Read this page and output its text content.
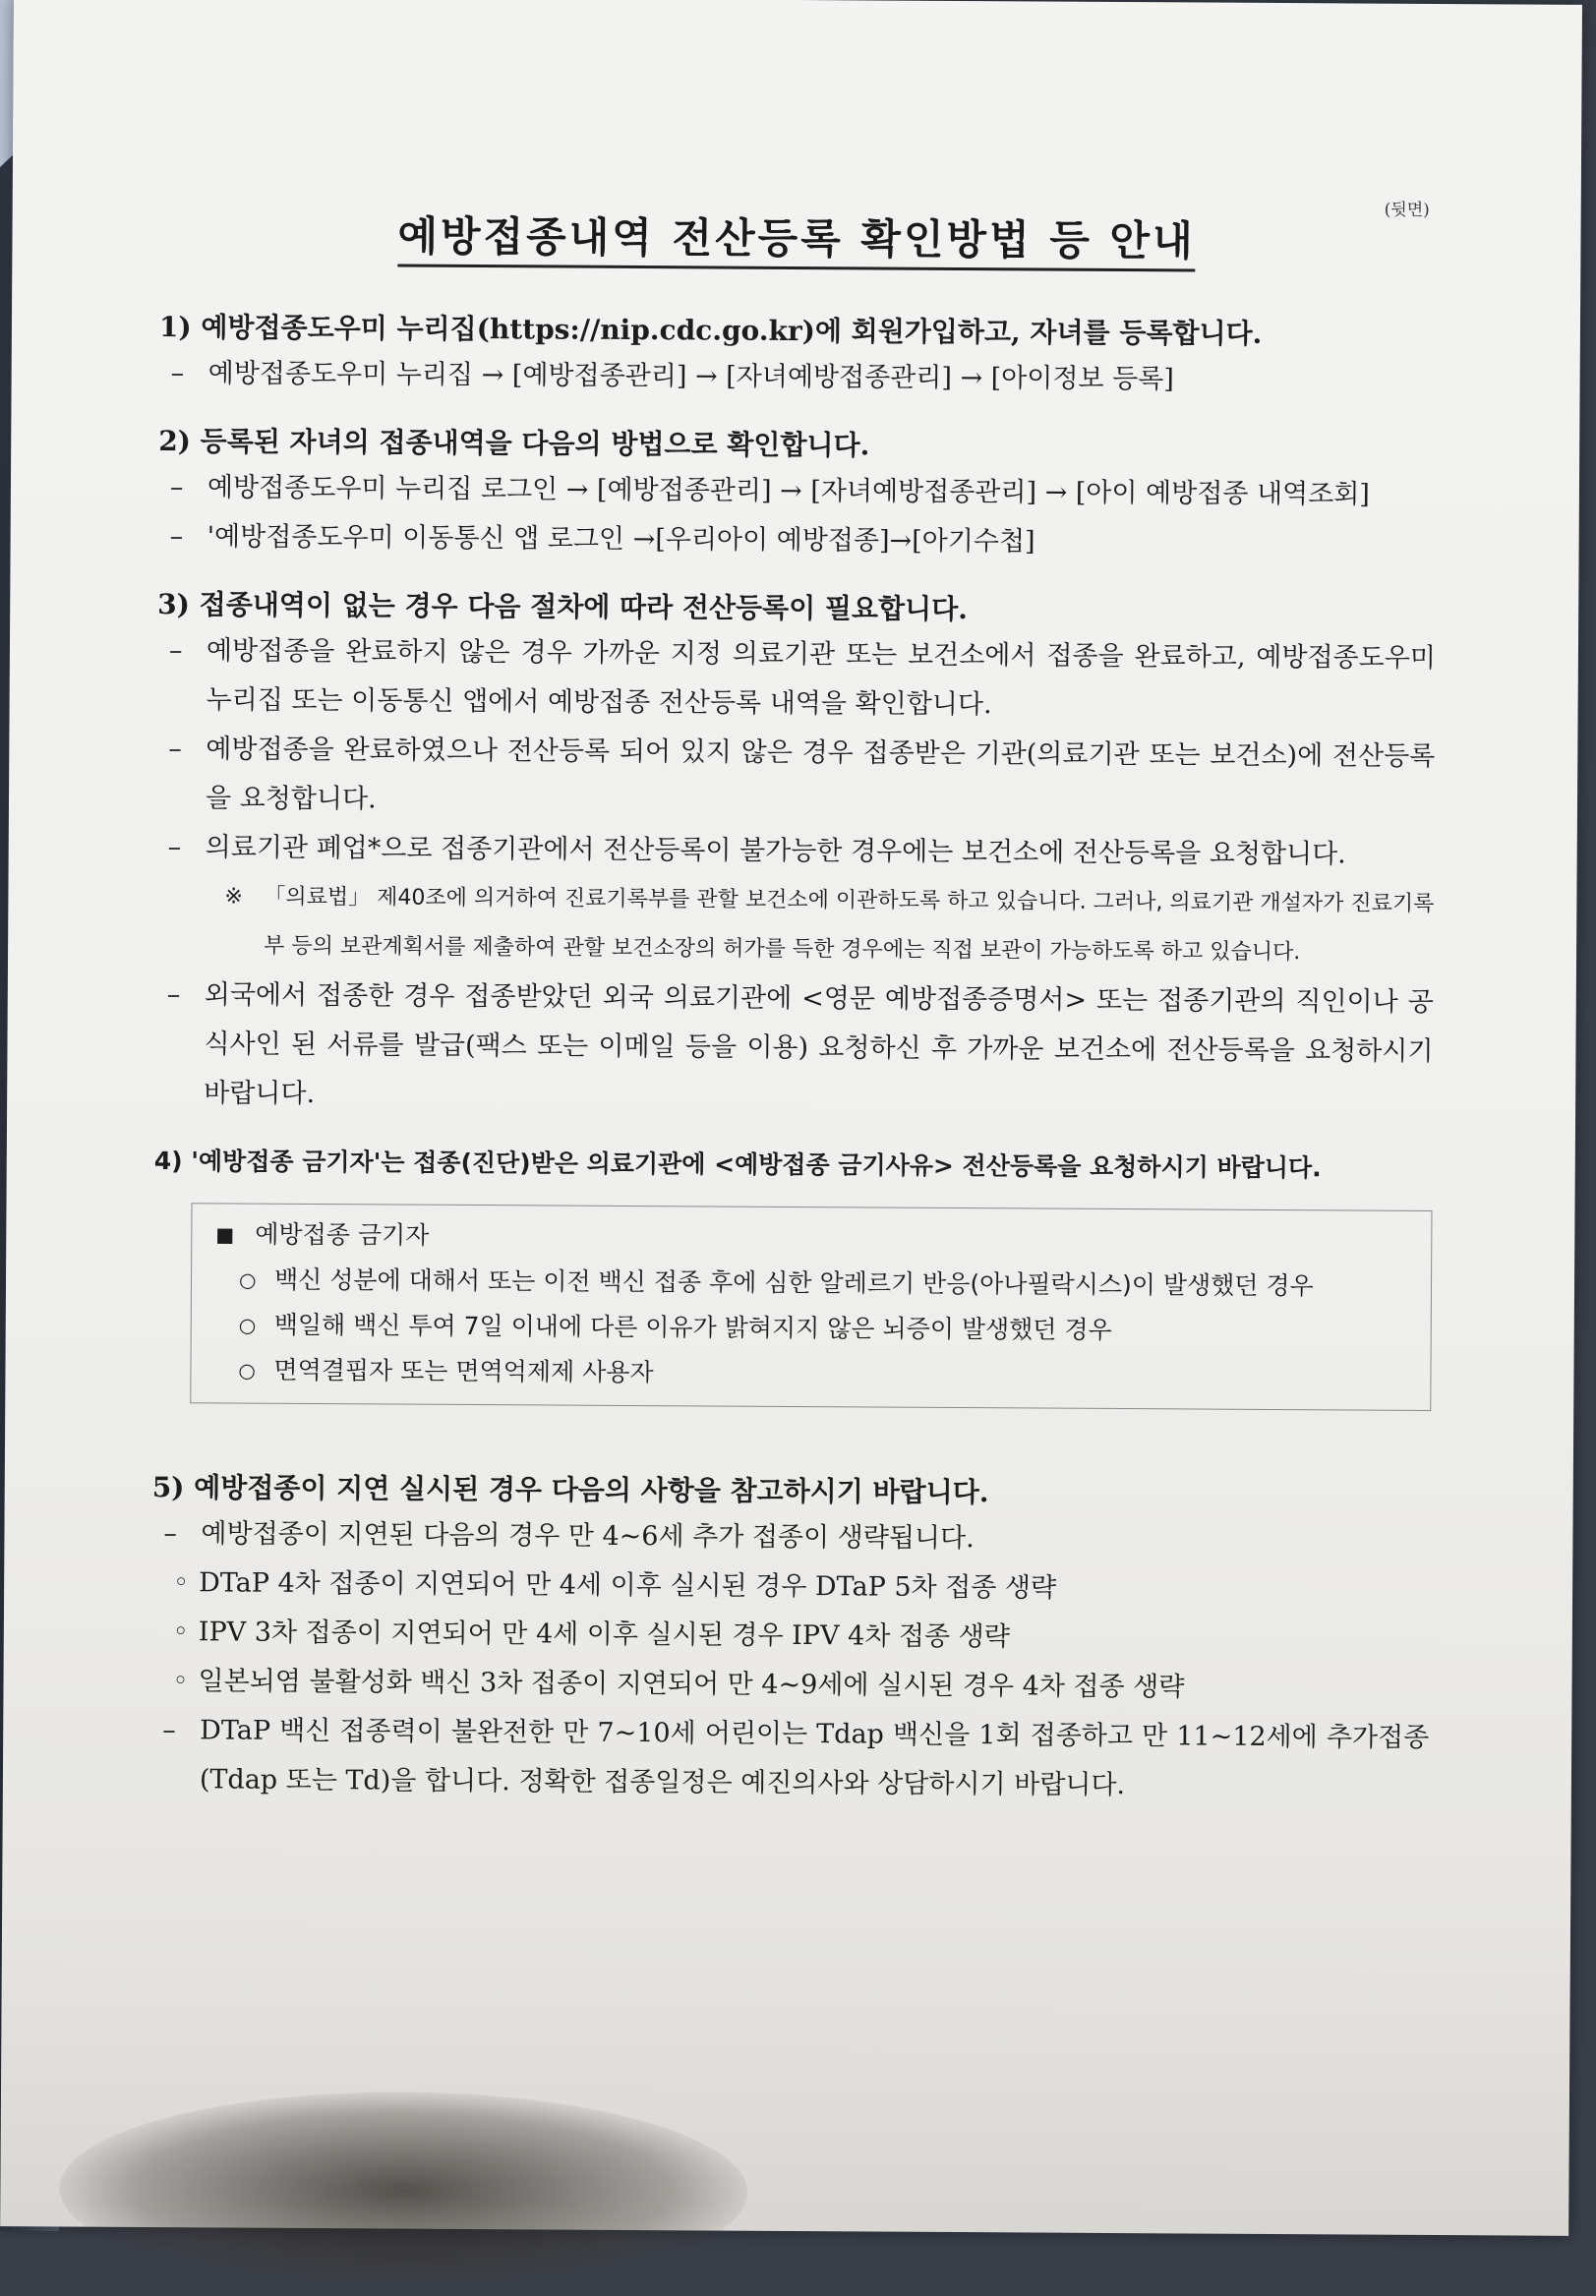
(뒷면)
예방접종내역 전산등록 확인방법 등 안내
1) 예방접종도우미 누리집(https://nip.cdc.go.kr)에 회원가입하고, 자녀를 등록합니다.
– 예방접종도우미 누리집 → [예방접종관리] → [자녀예방접종관리] → [아이정보 등록]
2) 등록된 자녀의 접종내역을 다음의 방법으로 확인합니다.
– 예방접종도우미 누리집 로그인 → [예방접종관리] → [자녀예방접종관리] → [아이 예방접종 내역조회]
– '예방접종도우미 이동통신 앱 로그인 →[우리아이 예방접종]→[아기수첩]
3) 접종내역이 없는 경우 다음 절차에 따라 전산등록이 필요합니다.
– 예방접종을 완료하지 않은 경우 가까운 지정 의료기관 또는 보건소에서 접종을 완료하고, 예방접종도우미 누리집 또는 이동통신 앱에서 예방접종 전산등록 내역을 확인합니다.
– 예방접종을 완료하였으나 전산등록 되어 있지 않은 경우 접종받은 기관(의료기관 또는 보건소)에 전산등록을 요청합니다.
– 의료기관 폐업*으로 접종기관에서 전산등록이 불가능한 경우에는 보건소에 전산등록을 요청합니다.
※ 「의료법」 제40조에 의거하여 진료기록부를 관할 보건소에 이관하도록 하고 있습니다. 그러나, 의료기관 개설자가 진료기록부 등의 보관계획서를 제출하여 관할 보건소장의 허가를 득한 경우에는 직접 보관이 가능하도록 하고 있습니다.
– 외국에서 접종한 경우 접종받았던 외국 의료기관에 <영문 예방접종증명서> 또는 접종기관의 직인이나 공식사인 된 서류를 발급(팩스 또는 이메일 등을 이용) 요청하신 후 가까운 보건소에 전산등록을 요청하시기 바랍니다.
4) '예방접종 금기자'는 접종(진단)받은 의료기관에 <예방접종 금기사유> 전산등록을 요청하시기 바랍니다.
■ 예방접종 금기자
○ 백신 성분에 대해서 또는 이전 백신 접종 후에 심한 알레르기 반응(아나필락시스)이 발생했던 경우
○ 백일해 백신 투여 7일 이내에 다른 이유가 밝혀지지 않은 뇌증이 발생했던 경우
○ 면역결핍자 또는 면역억제제 사용자
5) 예방접종이 지연 실시된 경우 다음의 사항을 참고하시기 바랍니다.
– 예방접종이 지연된 다음의 경우 만 4~6세 추가 접종이 생략됩니다.
◦ DTaP 4차 접종이 지연되어 만 4세 이후 실시된 경우 DTaP 5차 접종 생략
◦ IPV 3차 접종이 지연되어 만 4세 이후 실시된 경우 IPV 4차 접종 생략
◦ 일본뇌염 불활성화 백신 3차 접종이 지연되어 만 4~9세에 실시된 경우 4차 접종 생략
– DTaP 백신 접종력이 불완전한 만 7~10세 어린이는 Tdap 백신을 1회 접종하고 만 11~12세에 추가접종(Tdap 또는 Td)을 합니다. 정확한 접종일정은 예진의사와 상담하시기 바랍니다.
